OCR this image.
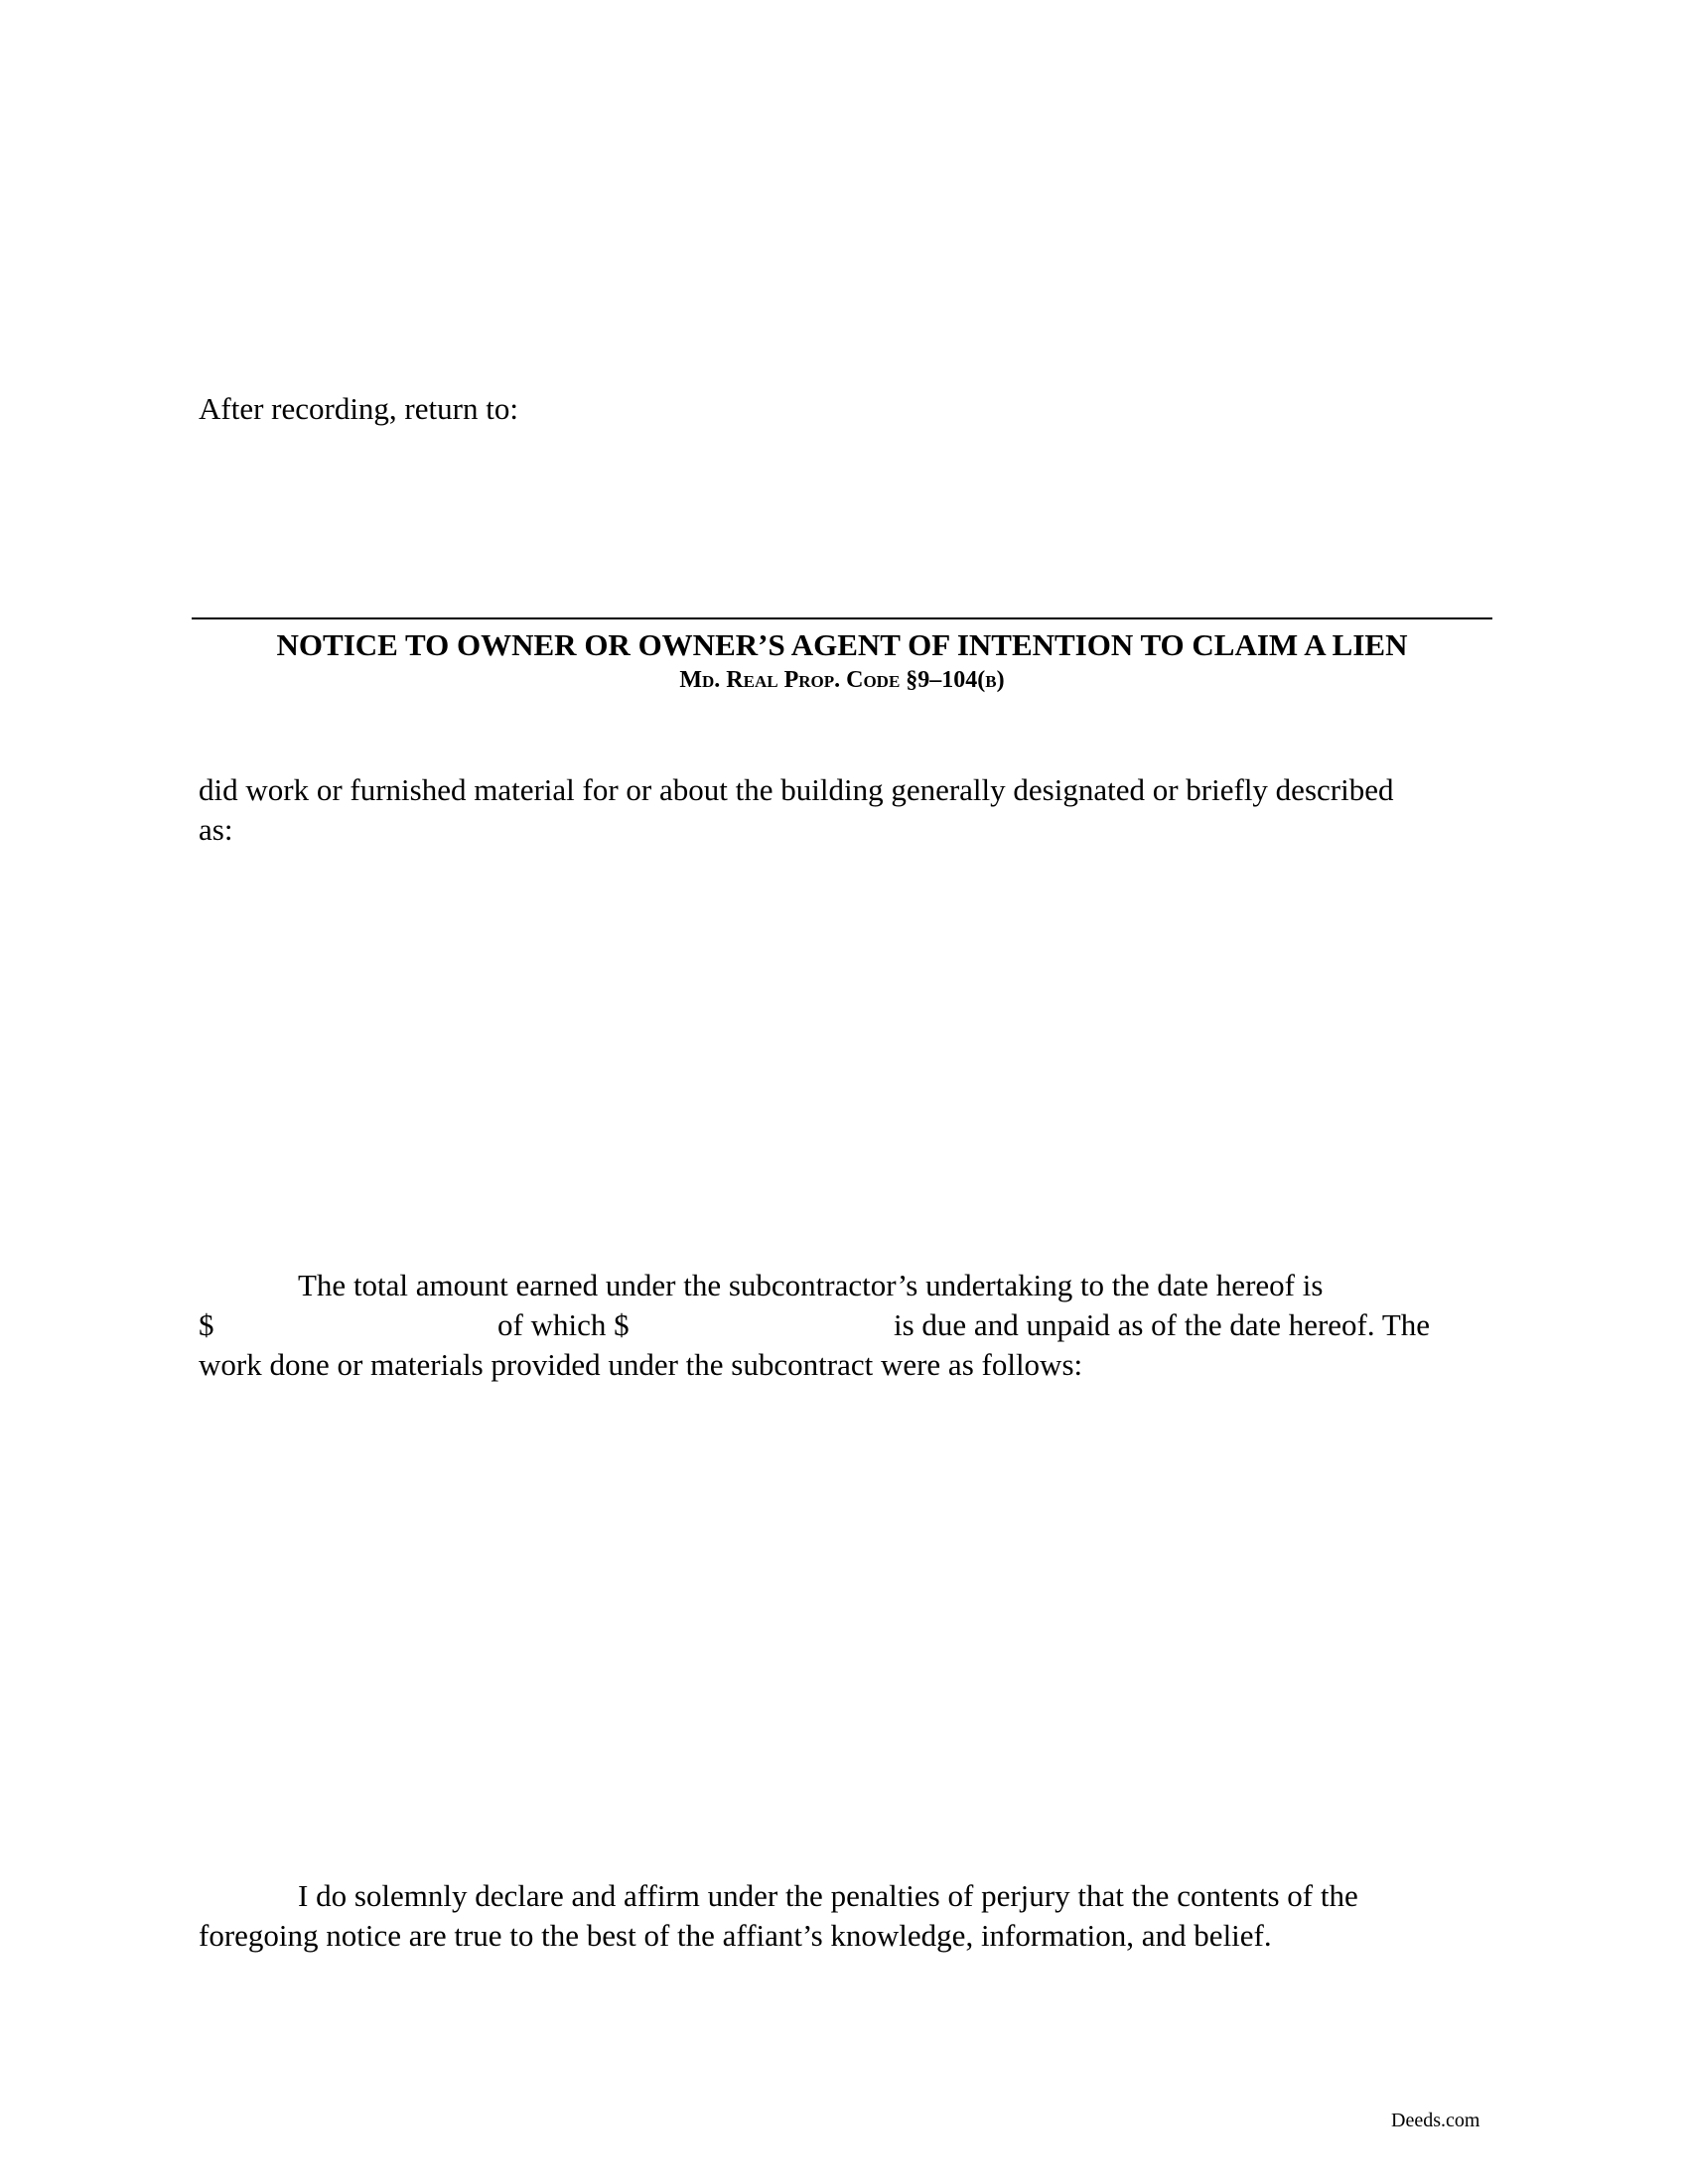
After recording, return to:
NOTICE TO OWNER OR OWNER’S AGENT OF INTENTION TO CLAIM A LIEN
Md. Real Prop. Code §9–104(b)
did work or furnished material for or about the building generally designated or briefly described
as:
The total amount earned under the subcontractor’s undertaking to the date hereof is
$	of which $	is due and unpaid as of the date hereof. The
work done or materials provided under the subcontract were as follows:
I do solemnly declare and affirm under the penalties of perjury that the contents of the
foregoing notice are true to the best of the affiant’s knowledge, information, and belief.
Deeds.com
